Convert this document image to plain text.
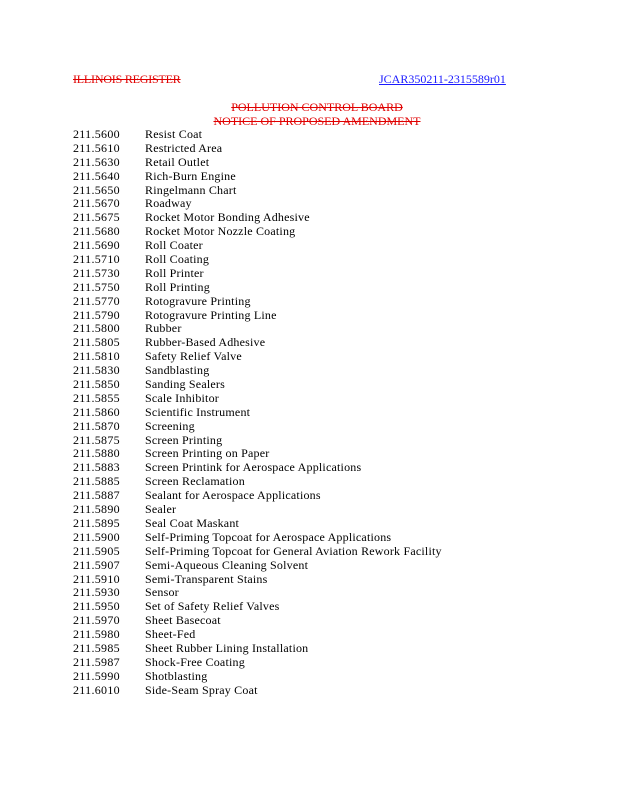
ILLINOIS REGISTER	JCAR350211-2315589r01
POLLUTION CONTROL BOARD
NOTICE OF PROPOSED AMENDMENT
211.5600 Resist Coat
211.5610 Restricted Area
211.5630 Retail Outlet
211.5640 Rich-Burn Engine
211.5650 Ringelmann Chart
211.5670 Roadway
211.5675 Rocket Motor Bonding Adhesive
211.5680 Rocket Motor Nozzle Coating
211.5690 Roll Coater
211.5710 Roll Coating
211.5730 Roll Printer
211.5750 Roll Printing
211.5770 Rotogravure Printing
211.5790 Rotogravure Printing Line
211.5800 Rubber
211.5805 Rubber-Based Adhesive
211.5810 Safety Relief Valve
211.5830 Sandblasting
211.5850 Sanding Sealers
211.5855 Scale Inhibitor
211.5860 Scientific Instrument
211.5870 Screening
211.5875 Screen Printing
211.5880 Screen Printing on Paper
211.5883 Screen Printink for Aerospace Applications
211.5885 Screen Reclamation
211.5887 Sealant for Aerospace Applications
211.5890 Sealer
211.5895 Seal Coat Maskant
211.5900 Self-Priming Topcoat for Aerospace Applications
211.5905 Self-Priming Topcoat for General Aviation Rework Facility
211.5907 Semi-Aqueous Cleaning Solvent
211.5910 Semi-Transparent Stains
211.5930 Sensor
211.5950 Set of Safety Relief Valves
211.5970 Sheet Basecoat
211.5980 Sheet-Fed
211.5985 Sheet Rubber Lining Installation
211.5987 Shock-Free Coating
211.5990 Shotblasting
211.6010 Side-Seam Spray Coat
